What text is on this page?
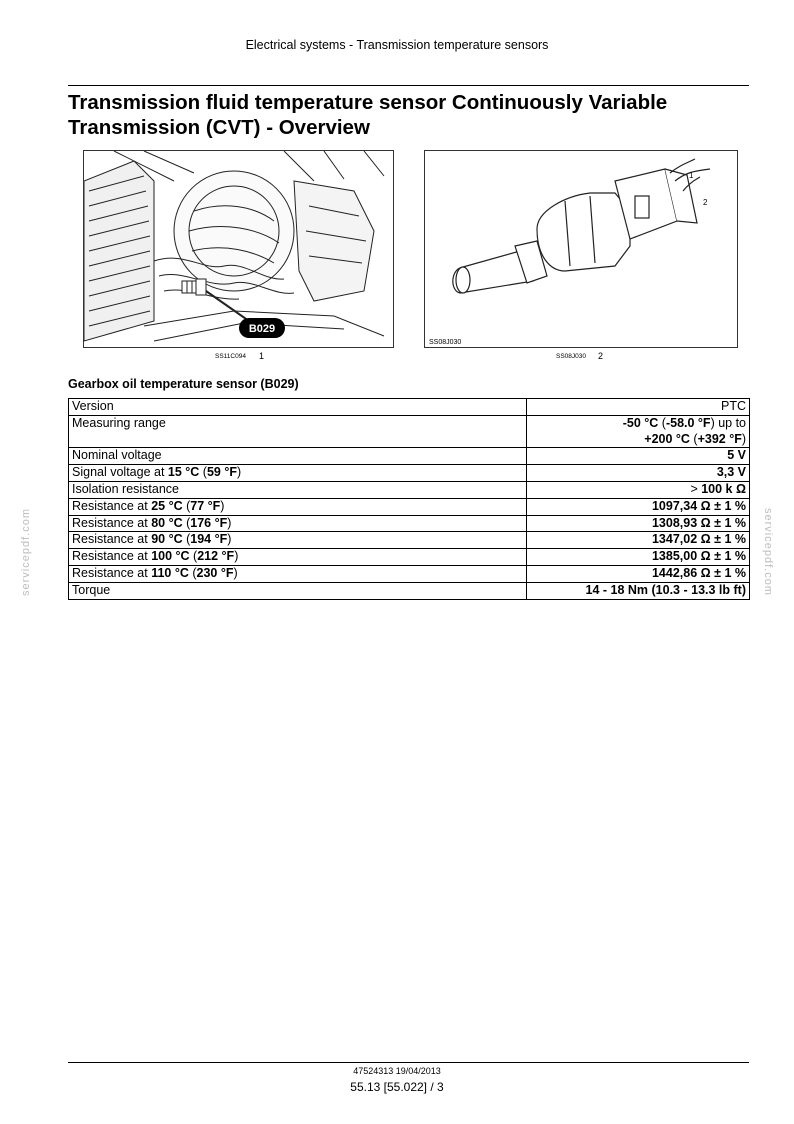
Electrical systems - Transmission temperature sensors
Transmission fluid temperature sensor Continuously Variable
Transmission (CVT) - Overview
B029
SS11C094 1
1
2
SS08J030
SS08J030 2
Gearbox oil temperature sensor (B029)
Version	PTC
Measuring range	-50 °C (-58.0 °F) up to
+200 °C (+392 °F)
Nominal voltage	5 V
Signal voltage at 15 °C (59 °F)	3,3 V
Isolation resistance	> 100 k Ω
Resistance at 25 °C (77 °F)	1097,34 Ω ± 1 %
Resistance at 80 °C (176 °F)	1308,93 Ω ± 1 %
Resistance at 90 °C (194 °F)	1347,02 Ω ± 1 %
Resistance at 100 °C (212 °F)	1385,00 Ω ± 1 %
Resistance at 110 °C (230 °F)	1442,86 Ω ± 1 %
Torque	14 - 18 Nm (10.3 - 13.3 lb ft)
servicepdf.com	servicepdf.com
47524313 19/04/2013
55.13 [55.022] / 3
